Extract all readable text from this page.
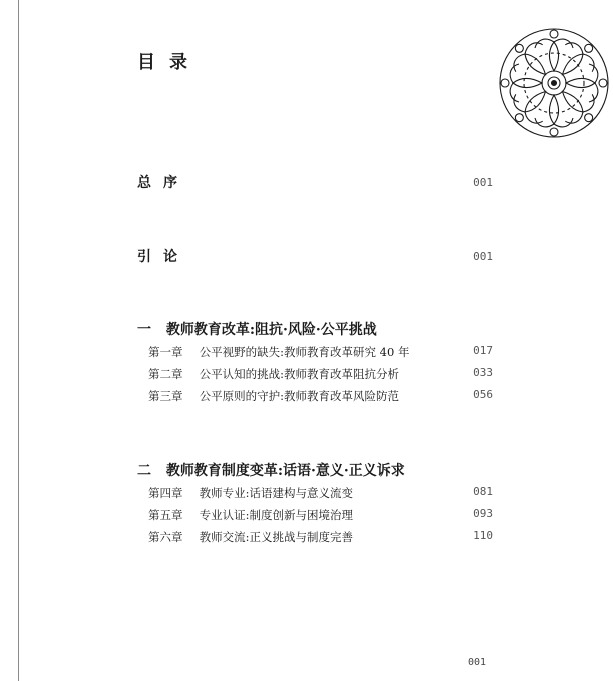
目录
总序	001
引论	001
一 教师教育改革:阻抗·风险·公平挑战
第一章 公平视野的缺失:教师教育改革研究 40 年	017
第二章 公平认知的挑战:教师教育改革阻抗分析	033
第三章 公平原则的守护:教师教育改革风险防范	056
二 教师教育制度变革:话语·意义·正义诉求
第四章 教师专业:话语建构与意义流变	081
第五章 专业认证:制度创新与困境治理	093
第六章 教师交流:正义挑战与制度完善	110
001
